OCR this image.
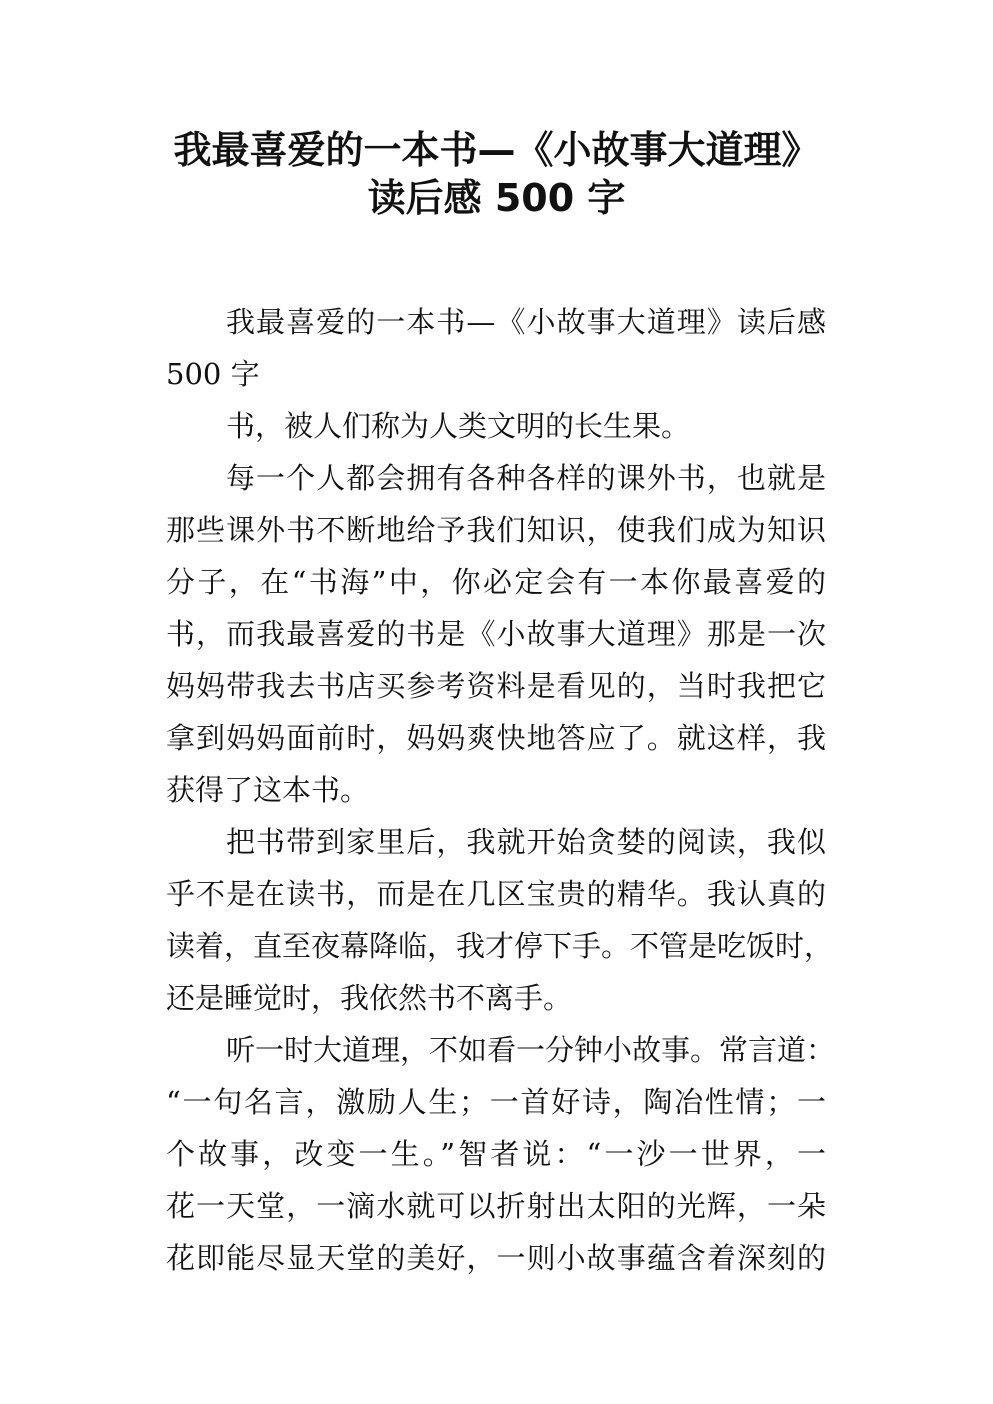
我最喜爱的一本书—《小故事大道理》
读后感 500 字
我最喜爱的一本书—《小故事大道理》读后感
500 字
书，被人们称为人类文明的长生果。
每一个人都会拥有各种各样的课外书，也就是
那些课外书不断地给予我们知识，使我们成为知识
分子，在“书海”中，你必定会有一本你最喜爱的
书，而我最喜爱的书是《小故事大道理》那是一次
妈妈带我去书店买参考资料是看见的，当时我把它
拿到妈妈面前时，妈妈爽快地答应了。就这样，我
获得了这本书。
把书带到家里后，我就开始贪婪的阅读，我似
乎不是在读书，而是在几区宝贵的精华。我认真的
读着，直至夜幕降临，我才停下手。不管是吃饭时，
还是睡觉时，我依然书不离手。
听一时大道理，不如看一分钟小故事。常言道：
“一句名言，激励人生；一首好诗，陶冶性情；一
个故事，改变一生。”智者说：“一沙一世界，一
花一天堂，一滴水就可以折射出太阳的光辉，一朵
花即能尽显天堂的美好，一则小故事蕴含着深刻的
